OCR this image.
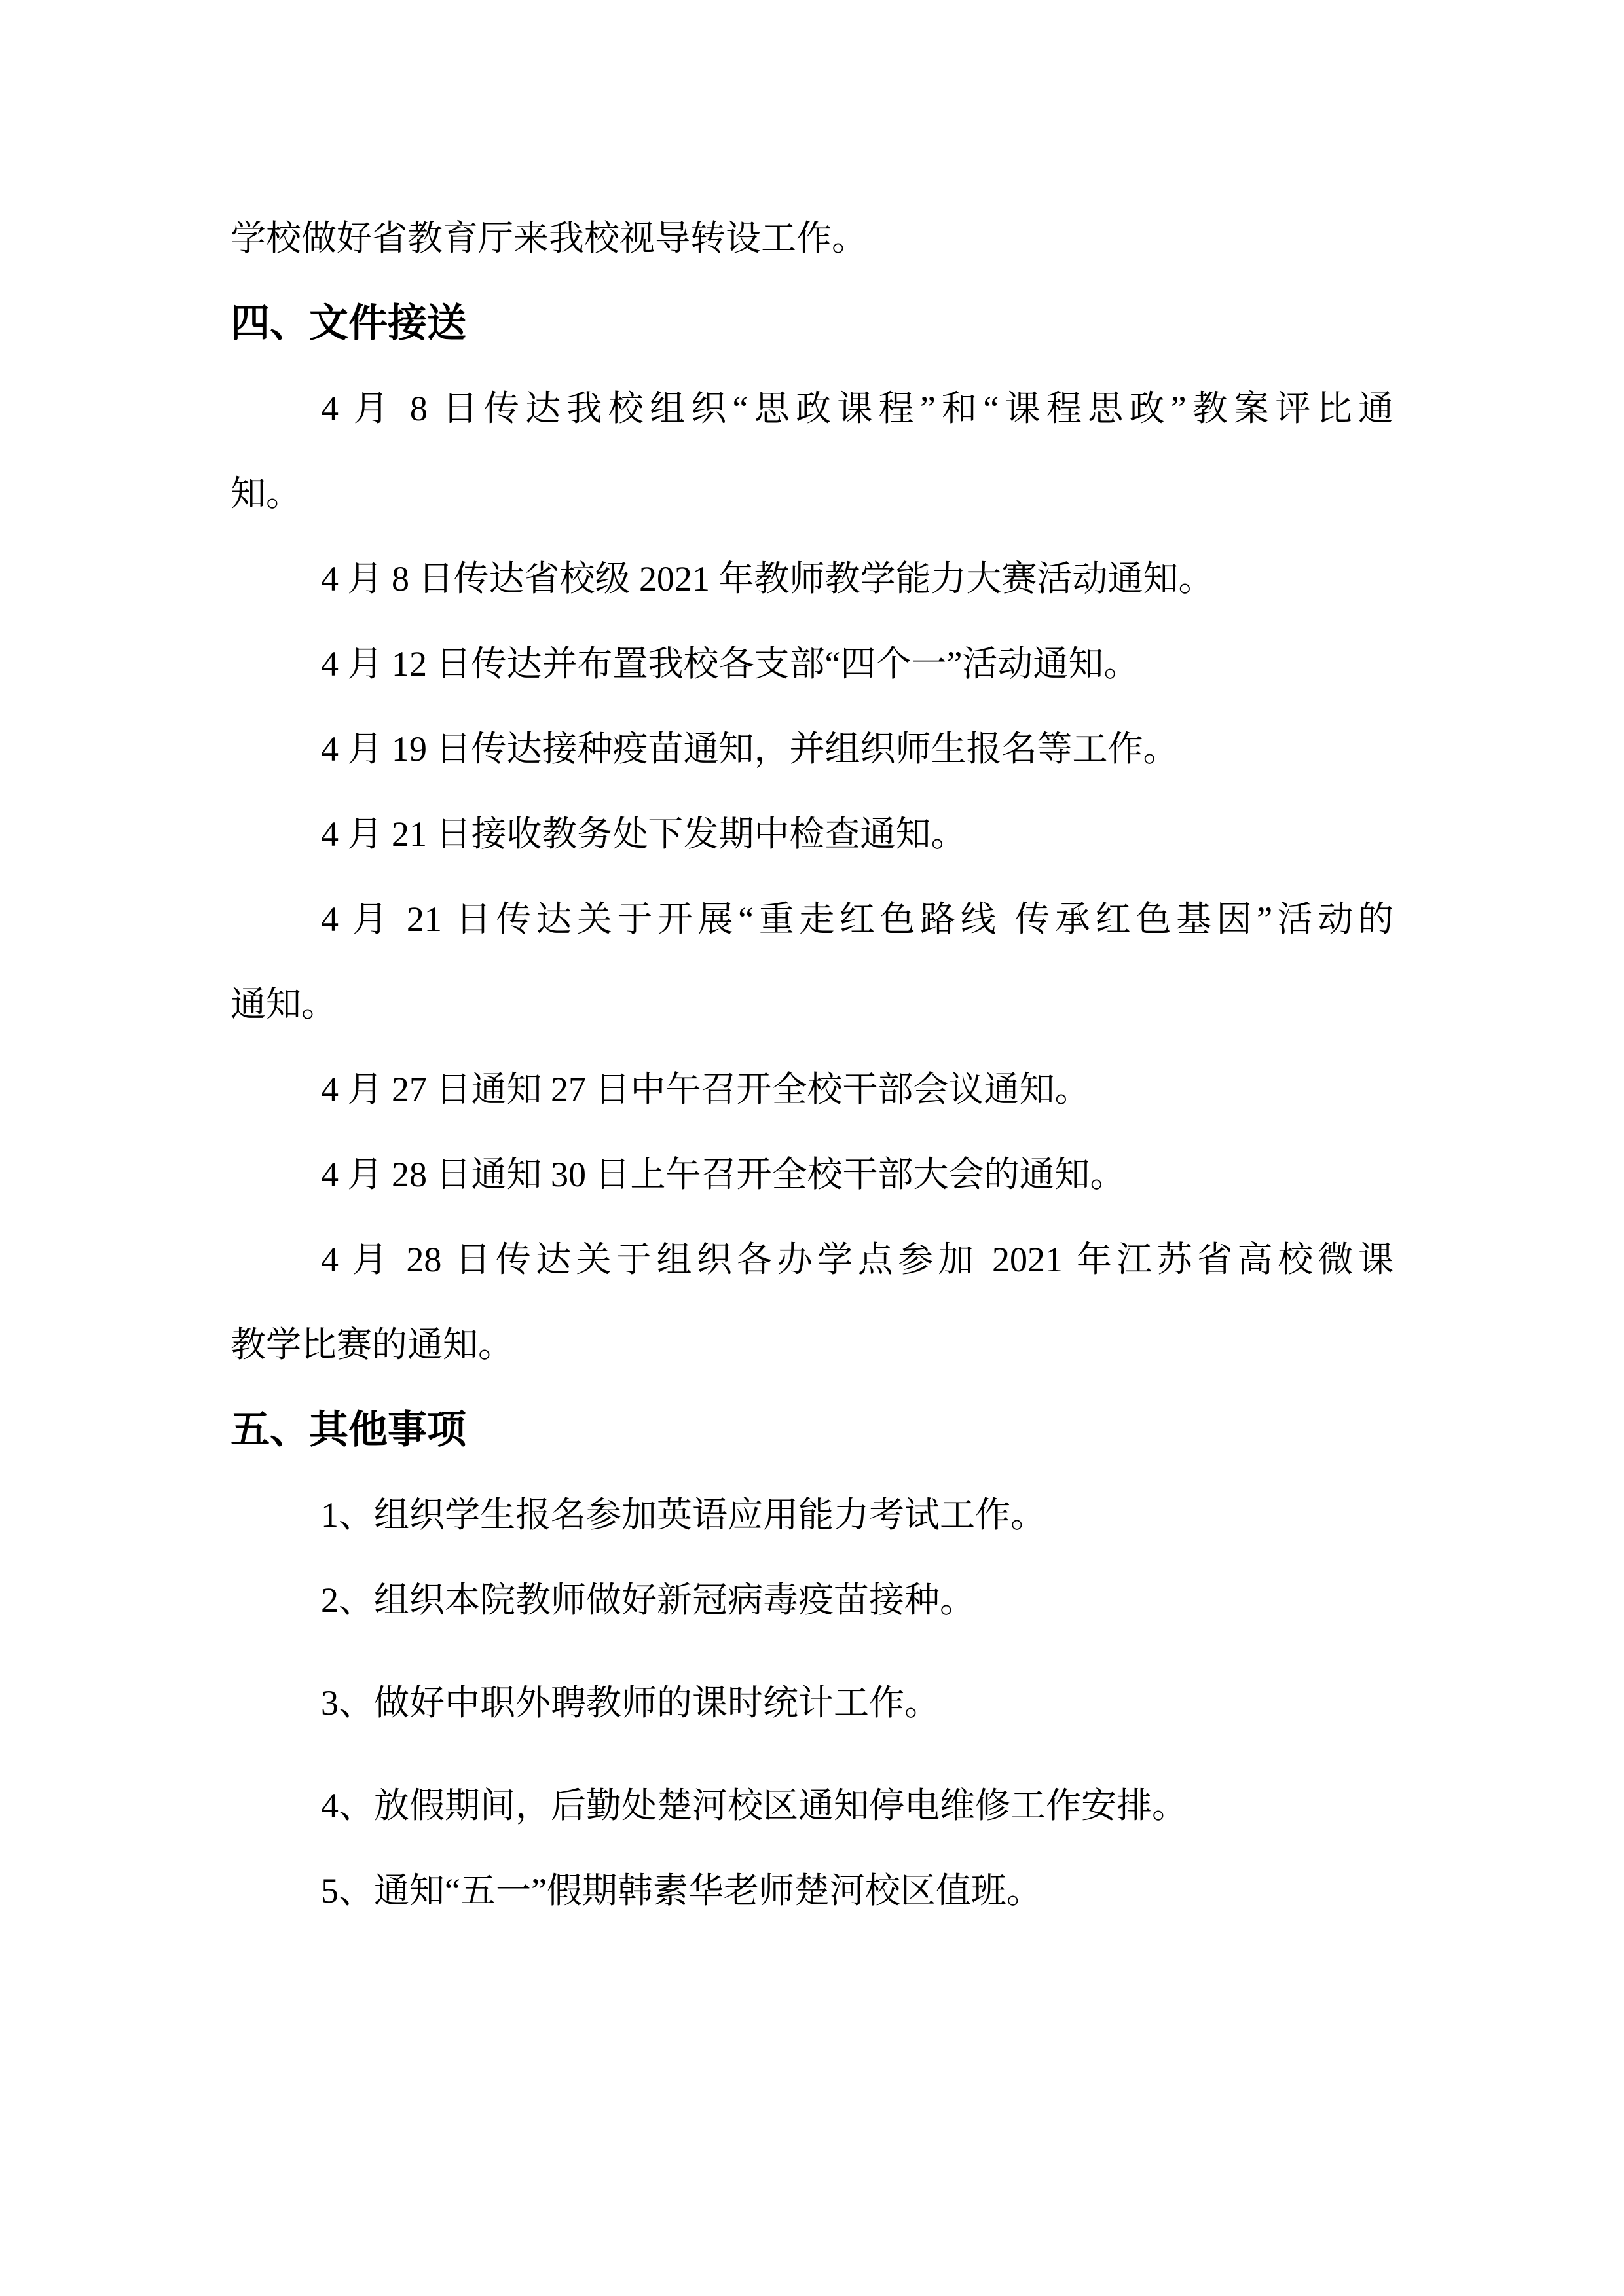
学校做好省教育厅来我校视导转设工作。

四、文件接送

4 月 8 日传达我校组织“思政课程”和“课程思政”教案评比通

知。

4 月 8 日传达省校级 2021 年教师教学能力大赛活动通知。

4 月 12 日传达并布置我校各支部“四个一”活动通知。

4 月 19 日传达接种疫苗通知，并组织师生报名等工作。

4 月 21 日接收教务处下发期中检查通知。

4 月 21 日传达关于开展“重走红色路线 传承红色基因”活动的

通知。

4 月 27 日通知 27 日中午召开全校干部会议通知。

4 月 28 日通知 30 日上午召开全校干部大会的通知。

4 月 28 日传达关于组织各办学点参加 2021 年江苏省高校微课

教学比赛的通知。

五、其他事项

1、组织学生报名参加英语应用能力考试工作。

2、组织本院教师做好新冠病毒疫苗接种。

3、做好中职外聘教师的课时统计工作。

4、放假期间，后勤处楚河校区通知停电维修工作安排。

5、通知“五一”假期韩素华老师楚河校区值班。
